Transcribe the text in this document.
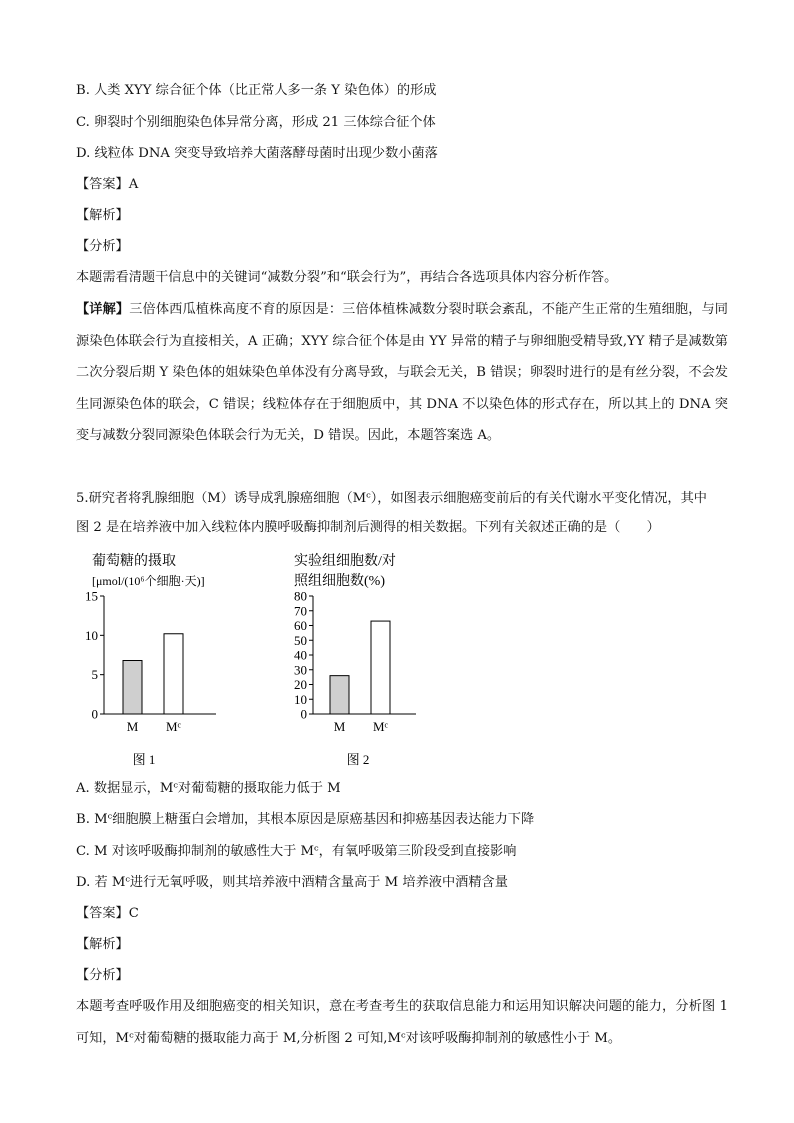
B. 人类 XYY 综合征个体（比正常人多一条 Y 染色体）的形成
C. 卵裂时个别细胞染色体异常分离，形成 21 三体综合征个体
D. 线粒体 DNA 突变导致培养大菌落酵母菌时出现少数小菌落
【答案】A
【解析】
【分析】
本题需看清题干信息中的关键词“减数分裂”和“联会行为”，再结合各选项具体内容分析作答。
【详解】三倍体西瓜植株高度不育的原因是：三倍体植株减数分裂时联会紊乱，不能产生正常的生殖细胞，与同源染色体联会行为直接相关，A 正确；XYY 综合征个体是由 YY 异常的精子与卵细胞受精导致,YY 精子是减数第二次分裂后期 Y 染色体的姐妹染色单体没有分离导致，与联会无关，B 错误；卵裂时进行的是有丝分裂，不会发生同源染色体的联会，C 错误；线粒体存在于细胞质中，其 DNA 不以染色体的形式存在，所以其上的 DNA 突变与减数分裂同源染色体联会行为无关，D 错误。因此，本题答案选 A。
5.研究者将乳腺细胞（M）诱导成乳腺癌细胞（Mᶜ），如图表示细胞癌变前后的有关代谢水平变化情况，其中
图 2 是在培养液中加入线粒体内膜呼吸酶抑制剂后测得的相关数据。下列有关叙述正确的是（　　）
葡萄糖的摄取
[μmol/(10⁶个细胞·天)]
0
5
10
15
M Mᶜ
图 1
实验组细胞数/对
照组细胞数(%)
0
10
20
30
40
50
60
70
80
M Mᶜ
图 2
A. 数据显示，Mᶜ对葡萄糖的摄取能力低于 M
B. Mᶜ细胞膜上糖蛋白会增加，其根本原因是原癌基因和抑癌基因表达能力下降
C. M 对该呼吸酶抑制剂的敏感性大于 Mᶜ，有氧呼吸第三阶段受到直接影响
D. 若 Mᶜ进行无氧呼吸，则其培养液中酒精含量高于 M 培养液中酒精含量
【答案】C
【解析】
【分析】
本题考查呼吸作用及细胞癌变的相关知识，意在考查考生的获取信息能力和运用知识解决问题的能力，分析图 1 可知，Mᶜ对葡萄糖的摄取能力高于 M,分析图 2 可知,Mᶜ对该呼吸酶抑制剂的敏感性小于 M。
